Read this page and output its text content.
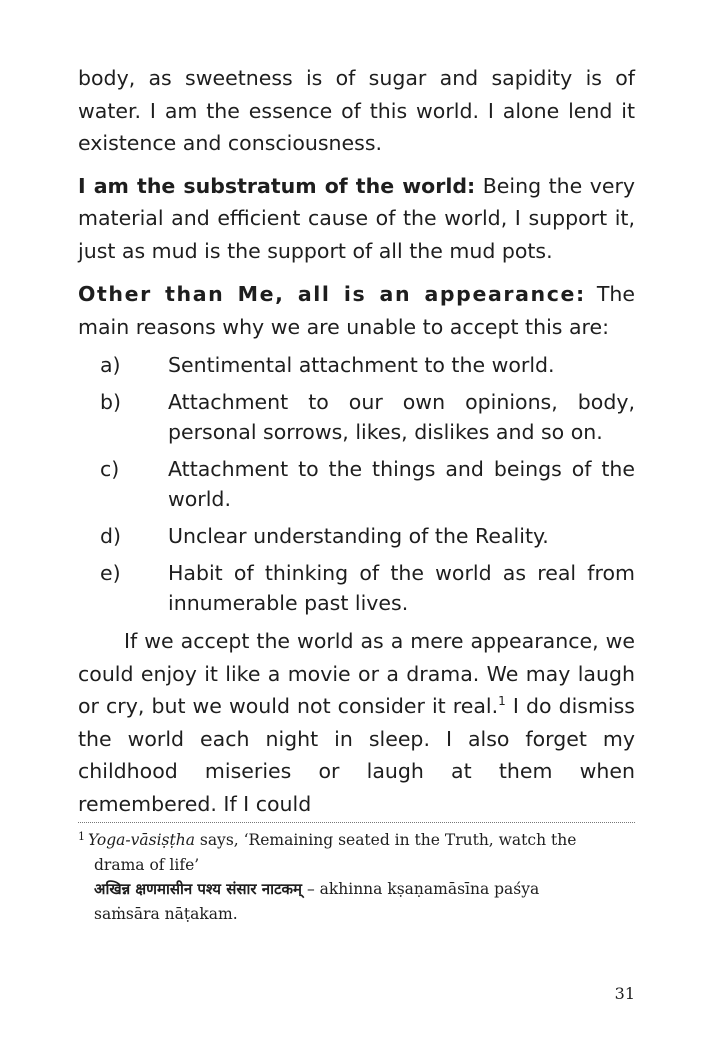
body, as sweetness is of sugar and sapidity is of water. I am the essence of this world. I alone lend it existence and consciousness.

I am the substratum of the world: Being the very material and efficient cause of the world, I support it, just as mud is the support of all the mud pots.

Other than Me, all is an appearance: The main reasons why we are unable to accept this are:

a)	Sentimental attachment to the world.
b)	Attachment to our own opinions, body, personal sorrows, likes, dislikes and so on.
c)	Attachment to the things and beings of the world.
d)	Unclear understanding of the Reality.
e)	Habit of thinking of the world as real from innumerable past lives.

If we accept the world as a mere appearance, we could enjoy it like a movie or a drama. We may laugh or cry, but we would not consider it real.$^1$ I do dismiss the world each night in sleep. I also forget my childhood miseries or laugh at them when remembered. If I could

1 Yoga-vāsiṣṭha says, ‘Remaining seated in the Truth, watch the
drama of life’
अखिन्न क्षणमासीन पश्य संसार नाटकम् – akhinna kṣaṇamāsīna paśya
saṁsāra nāṭakam.
31
